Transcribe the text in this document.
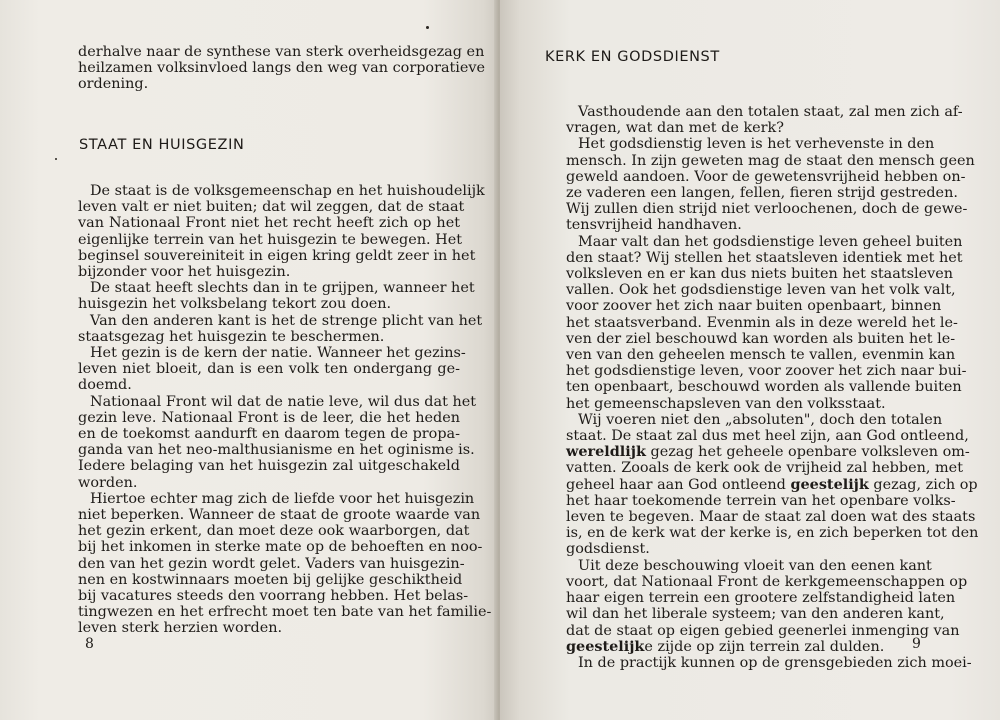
derhalve naar de synthese van sterk overheidsgezag en
heilzamen volksinvloed langs den weg van corporatieve
ordening.
STAAT EN HUISGEZIN
De staat is de volksgemeenschap en het huishoudelijk
leven valt er niet buiten; dat wil zeggen, dat de staat
van Nationaal Front niet het recht heeft zich op het
eigenlijke terrein van het huisgezin te bewegen. Het
beginsel souvereiniteit in eigen kring geldt zeer in het
bijzonder voor het huisgezin.
De staat heeft slechts dan in te grijpen, wanneer het
huisgezin het volksbelang tekort zou doen.
Van den anderen kant is het de strenge plicht van het
staatsgezag het huisgezin te beschermen.
Het gezin is de kern der natie. Wanneer het gezins-
leven niet bloeit, dan is een volk ten ondergang ge-
doemd.
Nationaal Front wil dat de natie leve, wil dus dat het
gezin leve. Nationaal Front is de leer, die het heden
en de toekomst aandurft en daarom tegen de propa-
ganda van het neo-malthusianisme en het oginisme is.
Iedere belaging van het huisgezin zal uitgeschakeld
worden.
Hiertoe echter mag zich de liefde voor het huisgezin
niet beperken. Wanneer de staat de groote waarde van
het gezin erkent, dan moet deze ook waarborgen, dat
bij het inkomen in sterke mate op de behoeften en noo-
den van het gezin wordt gelet. Vaders van huisgezin-
nen en kostwinnaars moeten bij gelijke geschiktheid
bij vacatures steeds den voorrang hebben. Het belas-
tingwezen en het erfrecht moet ten bate van het familie-
leven sterk herzien worden.
8
KERK EN GODSDIENST
Vasthoudende aan den totalen staat, zal men zich af-
vragen, wat dan met de kerk?
Het godsdienstig leven is het verhevenste in den
mensch. In zijn geweten mag de staat den mensch geen
geweld aandoen. Voor de gewetensvrijheid hebben on-
ze vaderen een langen, fellen, fieren strijd gestreden.
Wij zullen dien strijd niet verloochenen, doch de gewe-
tensvrijheid handhaven.
Maar valt dan het godsdienstige leven geheel buiten
den staat? Wij stellen het staatsleven identiek met het
volksleven en er kan dus niets buiten het staatsleven
vallen. Ook het godsdienstige leven van het volk valt,
voor zoover het zich naar buiten openbaart, binnen
het staatsverband. Evenmin als in deze wereld het le-
ven der ziel beschouwd kan worden als buiten het le-
ven van den geheelen mensch te vallen, evenmin kan
het godsdienstige leven, voor zoover het zich naar bui-
ten openbaart, beschouwd worden als vallende buiten
het gemeenschapsleven van den volksstaat.
Wij voeren niet den „absoluten", doch den totalen
staat. De staat zal dus met heel zijn, aan God ontleend,
wereldlijk gezag het geheele openbare volksleven om-
vatten. Zooals de kerk ook de vrijheid zal hebben, met
geheel haar aan God ontleend geestelijk gezag, zich op
het haar toekomende terrein van het openbare volks-
leven te begeven. Maar de staat zal doen wat des staats
is, en de kerk wat der kerke is, en zich beperken tot den
godsdienst.
Uit deze beschouwing vloeit van den eenen kant
voort, dat Nationaal Front de kerkgemeenschappen op
haar eigen terrein een grootere zelfstandigheid laten
wil dan het liberale systeem; van den anderen kant,
dat de staat op eigen gebied geenerlei inmenging van
geestelijke zijde op zijn terrein zal dulden.
In de practijk kunnen op de grensgebieden zich moei-
9
